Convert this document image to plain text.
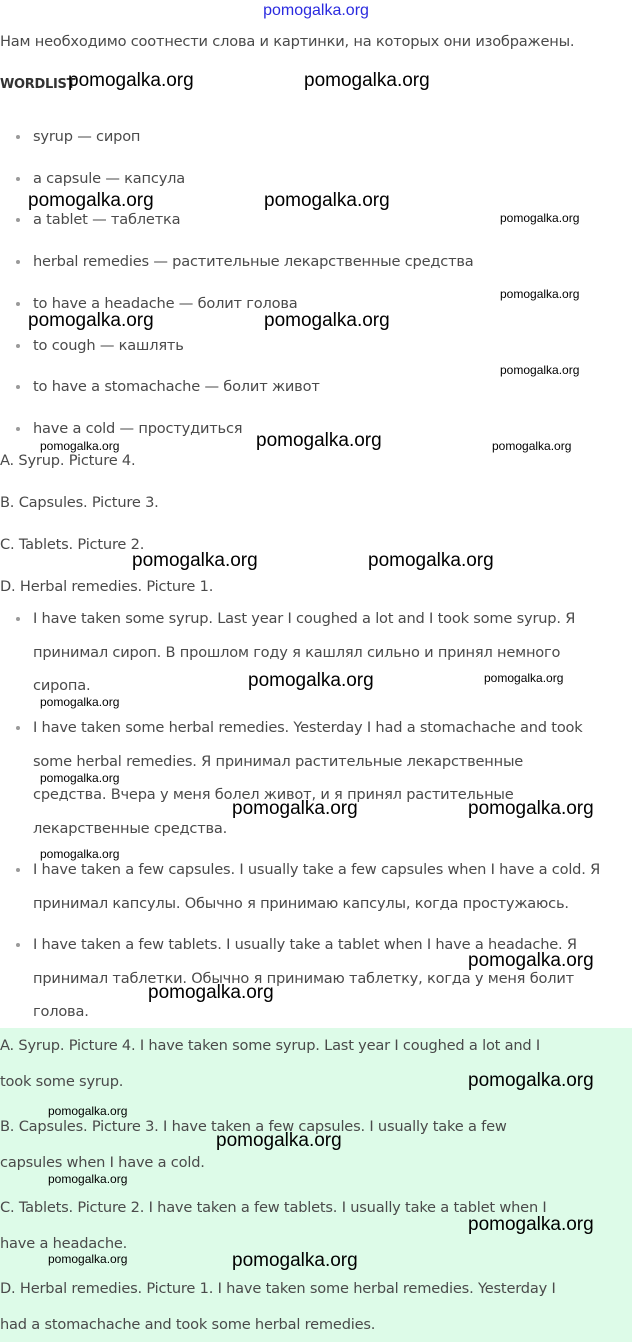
pomogalka.org
Нам необходимо соотнести слова и картинки, на которых они изображены.
WORDLIST
syrup — сироп
a capsule — капсула
a tablet — таблетка
herbal remedies — растительные лекарственные средства
to have a headache — болит голова
to cough — кашлять
to have a stomachache — болит живот
have a cold — простудиться
A. Syrup. Picture 4.
B. Capsules. Picture 3.
C. Tablets. Picture 2.
D. Herbal remedies. Picture 1.
I have taken some syrup. Last year I coughed a lot and I took some syrup. Я
принимал сироп. В прошлом году я кашлял сильно и принял немного
сиропа.
I have taken some herbal remedies. Yesterday I had a stomachache and took
some herbal remedies. Я принимал растительные лекарственные
средства. Вчера у меня болел живот, и я принял растительные
лекарственные средства.
I have taken a few capsules. I usually take a few capsules when I have a cold. Я
принимал капсулы. Обычно я принимаю капсулы, когда простужаюсь.
I have taken a few tablets. I usually take a tablet when I have a headache. Я
принимал таблетки. Обычно я принимаю таблетку, когда у меня болит
голова.
A. Syrup. Picture 4. I have taken some syrup. Last year I coughed a lot and I
took some syrup.
B. Capsules. Picture 3. I have taken a few capsules. I usually take a few
capsules when I have a cold.
C. Tablets. Picture 2. I have taken a few tablets. I usually take a tablet when I
have a headache.
D. Herbal remedies. Picture 1. I have taken some herbal remedies. Yesterday I
had a stomachache and took some herbal remedies.
pomogalka.org	pomogalka.org
pomogalka.org	pomogalka.org
pomogalka.org
pomogalka.org
pomogalka.org	pomogalka.org
pomogalka.org
pomogalka.org	pomogalka.org	pomogalka.org
pomogalka.org	pomogalka.org
pomogalka.org	pomogalka.org
pomogalka.org
pomogalka.org
pomogalka.org	pomogalka.org
pomogalka.org
pomogalka.org
pomogalka.org
pomogalka.org
pomogalka.org
pomogalka.org
pomogalka.org
pomogalka.org
pomogalka.org	pomogalka.org
